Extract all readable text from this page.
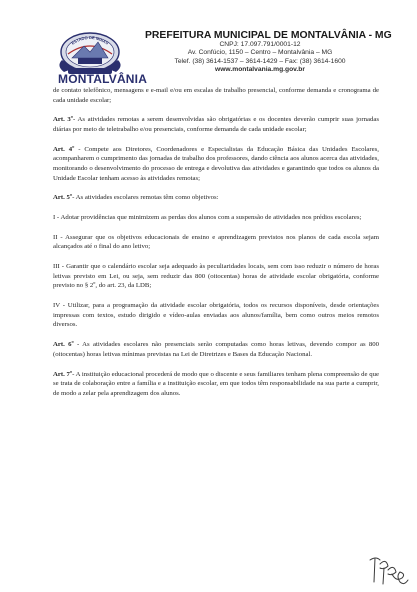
ESTADO DE MINAS
MONTALVÂNIA
PREFEITURA MUNICIPAL DE MONTALVÂNIA - MG
CNPJ: 17.097.791/0001-12
Av. Confúcio, 1150 – Centro – Montalvânia – MG
Telef. (38) 3614-1537 – 3614-1429 – Fax: (38) 3614-1600
www.montalvania.mg.gov.br

de contato telefônico, mensagens e e-mail e/ou em escalas de trabalho presencial, conforme demanda e cronograma de cada unidade escolar;

Art. 3º- As atividades remotas a serem desenvolvidas são obrigatórias e os docentes deverão cumprir suas jornadas diárias por meio de teletrabalho e/ou presenciais, conforme demanda de cada unidade escolar;

Art. 4º - Compete aos Diretores, Coordenadores e Especialistas da Educação Básica das Unidades Escolares, acompanharem o cumprimento das jornadas de trabalho dos professores, dando ciência aos alunos acerca das atividades, monitorando o desenvolvimento do processo de entrega e devolutiva das atividades e garantindo que todos os alunos da Unidade Escolar tenham acesso às atividades remotas;

Art. 5º- As atividades escolares remotas têm como objetivos:

I - Adotar providências que minimizem as perdas dos alunos com a suspensão de atividades nos prédios escolares;

II - Assegurar que os objetivos educacionais de ensino e aprendizagem previstos nos planos de cada escola sejam alcançados até o final do ano letivo;

III - Garantir que o calendário escolar seja adequado às peculiaridades locais, sem com isso reduzir o número de horas letivas previsto em Lei, ou seja, sem reduzir das 800 (oitocentas) horas de atividade escolar obrigatória, conforme previsto no § 2º, do art. 23, da LDB;

IV - Utilizar, para a programação da atividade escolar obrigatória, todos os recursos disponíveis, desde orientações impressas com textos, estudo dirigido e vídeo-aulas enviadas aos alunos/família, bem como outros meios remotos diversos.

Art. 6º - As atividades escolares não presenciais serão computadas como horas letivas, devendo compor as 800 (oitocentas) horas letivas mínimas previstas na Lei de Diretrizes e Bases da Educação Nacional.

Art. 7º- A instituição educacional procederá de modo que o discente e seus familiares tenham plena compreensão de que se trata de colaboração entre a família e a instituição escolar, em que todos têm responsabilidade na sua parte a cumprir, de modo a zelar pela aprendizagem dos alunos.
